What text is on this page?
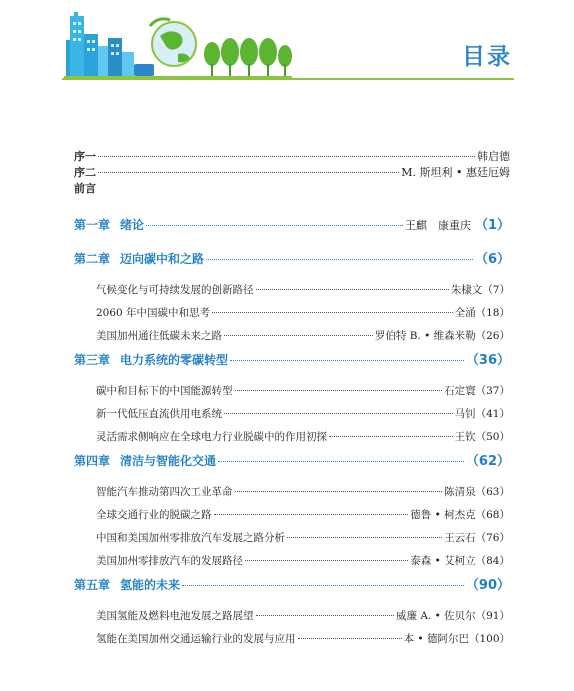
目录
序一	韩启德
序二	M. 斯坦利 • 惠廷厄姆
前言
第一章 绪论	王麒　康重庆 （1）
第二章 迈向碳中和之路	（6）
气候变化与可持续发展的创新路径	朱棣文 （7）
2060 年中国碳中和思考	全涌 （18）
美国加州通往低碳未来之路	罗伯特 B. • 维森米勒 （26）
第三章 电力系统的零碳转型	（36）
碳中和目标下的中国能源转型	石定寰 （37）
新一代低压直流供用电系统	马钊 （41）
灵活需求侧响应在全球电力行业脱碳中的作用初探	王钦 （50）
第四章 清洁与智能化交通	（62）
智能汽车推动第四次工业革命	陈清泉 （63）
全球交通行业的脱碳之路	德鲁 • 柯杰克 （68）
中国和美国加州零排放汽车发展之路分析	王云石 （76）
美国加州零排放汽车的发展路径	泰森 • 艾柯立 （84）
第五章 氢能的未来	（90）
美国氢能及燃料电池发展之路展望	威廉 A. • 佐贝尔 （91）
氢能在美国加州交通运输行业的发展与应用	本 • 德阿尔巴 （100）
